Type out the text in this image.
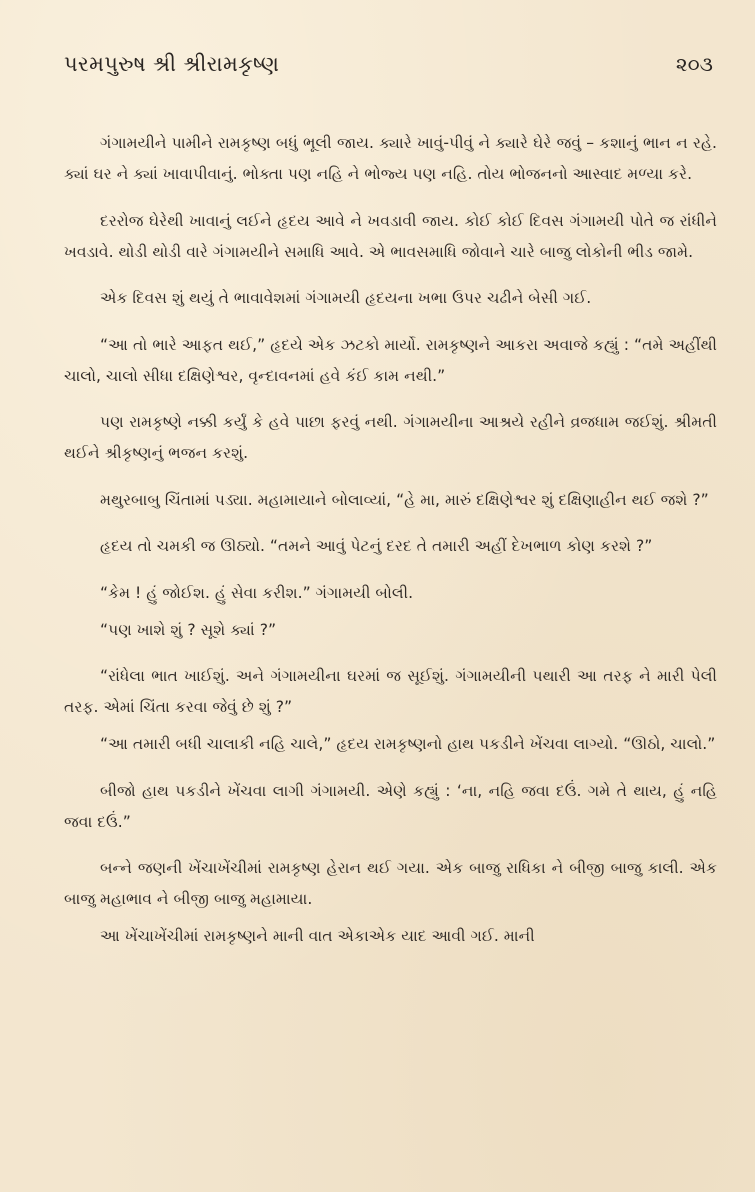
પરમપુરુષ શ્રી શ્રીરામકૃષ્ણ	૨૦૩

ગંગામયીને પામીને રામકૃષ્ણ બધું ભૂલી જાય. ક્યારે ખાવું-પીવું ને ક્યારે ઘેરે જવું – કશાનું ભાન ન રહે. ક્યાં ઘર ને ક્યાં ખાવાપીવાનું. ભોક્તા પણ નહિ ને ભોજ્ય પણ નહિ. તોય ભોજનનો આસ્વાદ મળ્યા કરે.

દરરોજ ઘેરેથી ખાવાનું લઈને હૃદય આવે ને ખવડાવી જાય. કોઈ કોઈ દિવસ ગંગામયી પોતે જ રાંધીને ખવડાવે. થોડી થોડી વારે ગંગામયીને સમાધિ આવે. એ ભાવસમાધિ જોવાને ચારે બાજુ લોકોની ભીડ જામે.

એક દિવસ શું થયું તે ભાવાવેશમાં ગંગામયી હૃદયના ખભા ઉપર ચઢીને બેસી ગઈ.

“આ તો ભારે આફત થઈ,” હૃદયે એક ઝટકો માર્યો. રામકૃષ્ણને આકરા અવાજે કહ્યું : “તમે અહીંથી ચાલો, ચાલો સીધા દક્ષિણેશ્વર, વૃન્દાવનમાં હવે કંઈ કામ નથી.”

પણ રામકૃષ્ણે નક્કી કર્યું કે હવે પાછા ફરવું નથી. ગંગામયીના આશ્રયે રહીને વ્રજધામ જઈશું. શ્રીમતી થઈને શ્રીકૃષ્ણનું ભજન કરશું.

મથુરબાબુ ચિંતામાં પડ્યા. મહામાયાને બોલાવ્યાં, “હે મા, મારું દક્ષિણેશ્વર શું દક્ષિણાહીન થઈ જશે ?”

હૃદય તો ચમકી જ ઊઠ્યો. “તમને આવું પેટનું દરદ તે તમારી અહીં દેખભાળ કોણ કરશે ?”

“કેમ ! હું જોઈશ. હું સેવા કરીશ.” ગંગામયી બોલી.

“પણ ખાશે શું ? સૂશે ક્યાં ?”

“રાંધેલા ભાત ખાઈશું. અને ગંગામયીના ઘરમાં જ સૂઈશું. ગંગામયીની પથારી આ તરફ ને મારી પેલી તરફ. એમાં ચિંતા કરવા જેવું છે શું ?”

“આ તમારી બધી ચાલાકી નહિ ચાલે,” હૃદય રામકૃષ્ણનો હાથ પકડીને ખેંચવા લાગ્યો. “ઊઠો, ચાલો.”

બીજો હાથ પકડીને ખેંચવા લાગી ગંગામયી. એણે કહ્યું : ‘ના, નહિ જવા દઉં. ગમે તે થાય, હું નહિ જવા દઉં.”

બન્ને જણની ખેંચાખેંચીમાં રામકૃષ્ણ હેરાન થઈ ગયા. એક બાજુ રાધિકા ને બીજી બાજુ કાલી. એક બાજુ મહાભાવ ને બીજી બાજુ મહામાયા.

આ ખેંચાખેંચીમાં રામકૃષ્ણને માની વાત એકાએક યાદ આવી ગઈ. માની
